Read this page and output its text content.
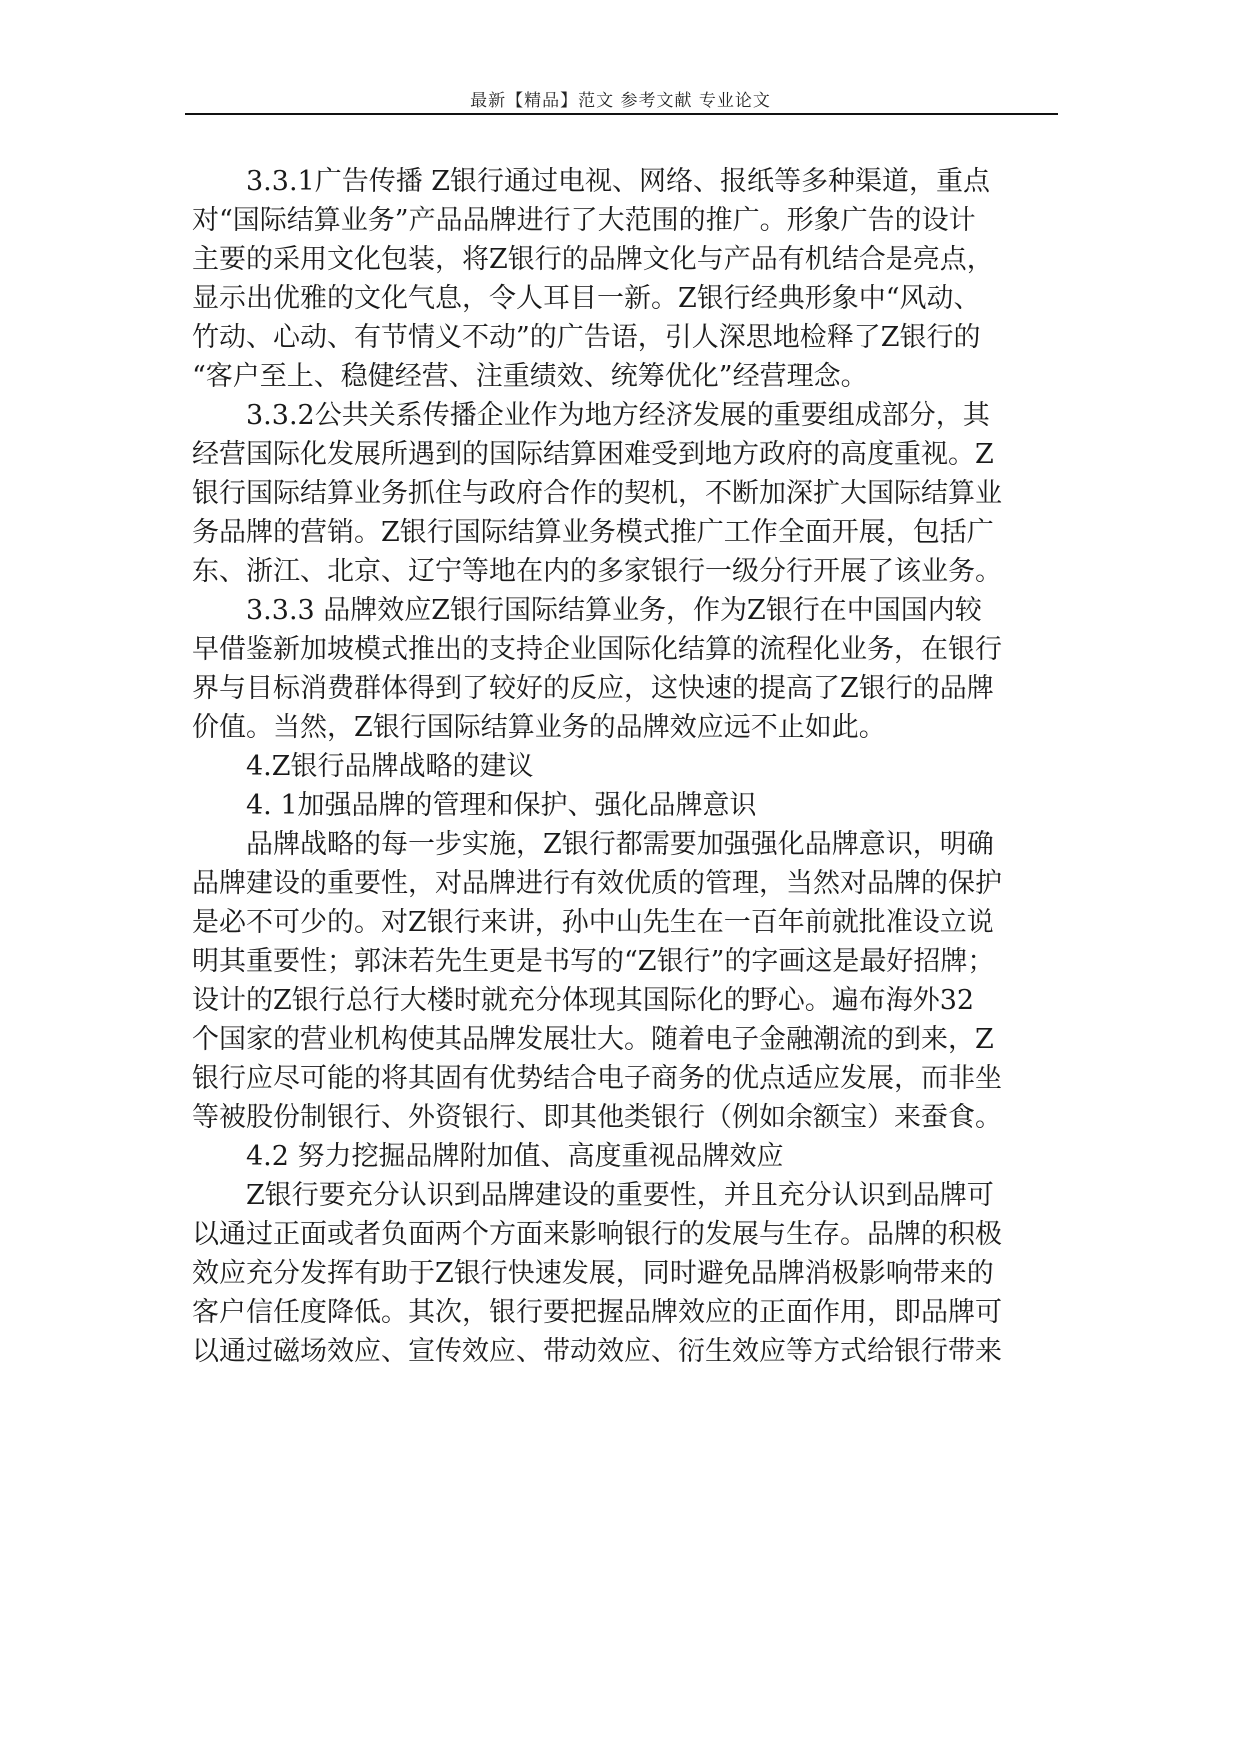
最新【精品】范文 参考文献 专业论文
3.3.1广告传播 Z银行通过电视、网络、报纸等多种渠道，重点
对“国际结算业务”产品品牌进行了大范围的推广。形象广告的设计
主要的采用文化包装，将Z银行的品牌文化与产品有机结合是亮点，
显示出优雅的文化气息，令人耳目一新。Z银行经典形象中“风动、
竹动、心动、有节情义不动”的广告语，引人深思地检释了Z银行的
“客户至上、稳健经营、注重绩效、统筹优化”经营理念。
3.3.2公共关系传播企业作为地方经济发展的重要组成部分，其
经营国际化发展所遇到的国际结算困难受到地方政府的高度重视。Z
银行国际结算业务抓住与政府合作的契机，不断加深扩大国际结算业
务品牌的营销。Z银行国际结算业务模式推广工作全面开展，包括广
东、浙江、北京、辽宁等地在内的多家银行一级分行开展了该业务。
3.3.3 品牌效应Z银行国际结算业务，作为Z银行在中国国内较
早借鉴新加坡模式推出的支持企业国际化结算的流程化业务，在银行
界与目标消费群体得到了较好的反应，这快速的提高了Z银行的品牌
价值。当然，Z银行国际结算业务的品牌效应远不止如此。
4.Z银行品牌战略的建议
4. 1加强品牌的管理和保护、强化品牌意识
品牌战略的每一步实施，Z银行都需要加强强化品牌意识，明确
品牌建设的重要性，对品牌进行有效优质的管理，当然对品牌的保护
是必不可少的。对Z银行来讲，孙中山先生在一百年前就批准设立说
明其重要性；郭沫若先生更是书写的“Z银行”的字画这是最好招牌；
设计的Z银行总行大楼时就充分体现其国际化的野心。遍布海外32
个国家的营业机构使其品牌发展壮大。随着电子金融潮流的到来，Z
银行应尽可能的将其固有优势结合电子商务的优点适应发展，而非坐
等被股份制银行、外资银行、即其他类银行（例如余额宝）来蚕食。
4.2 努力挖掘品牌附加值、高度重视品牌效应
Z银行要充分认识到品牌建设的重要性，并且充分认识到品牌可
以通过正面或者负面两个方面来影响银行的发展与生存。品牌的积极
效应充分发挥有助于Z银行快速发展，同时避免品牌消极影响带来的
客户信任度降低。其次，银行要把握品牌效应的正面作用，即品牌可
以通过磁场效应、宣传效应、带动效应、衍生效应等方式给银行带来
